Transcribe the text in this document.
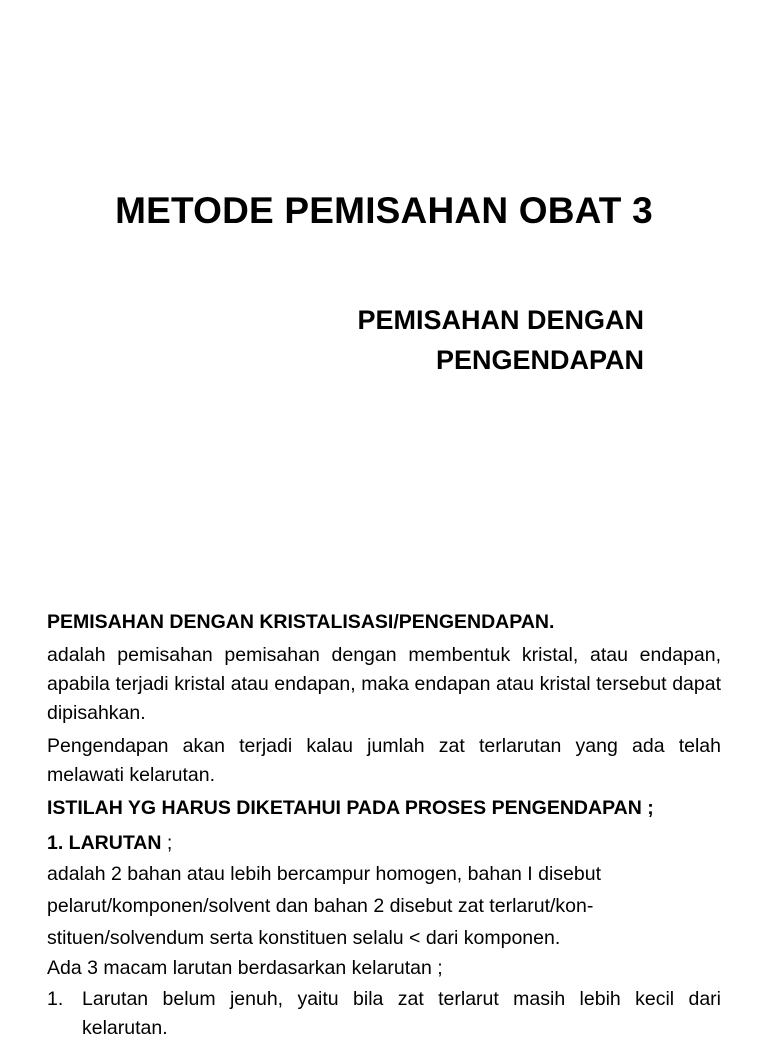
METODE PEMISAHAN OBAT 3
PEMISAHAN DENGAN
PENGENDAPAN

PEMISAHAN DENGAN KRISTALISASI/PENGENDAPAN.

adalah pemisahan pemisahan dengan membentuk kristal, atau endapan, apabila terjadi kristal atau endapan, maka endapan atau kristal tersebut dapat dipisahkan.

Pengendapan akan terjadi kalau jumlah zat terlarutan yang ada telah melawati kelarutan.

ISTILAH YG HARUS DIKETAHUI PADA PROSES PENGENDAPAN ;

1. LARUTAN ;

adalah 2 bahan atau lebih bercampur homogen, bahan I disebut

pelarut/komponen/solvent dan bahan 2 disebut zat terlarut/kon-

stituen/solvendum serta konstituen selalu < dari komponen.

Ada 3 macam larutan berdasarkan kelarutan ;

1. Larutan belum jenuh, yaitu bila zat terlarut masih lebih kecil dari kelarutan.
